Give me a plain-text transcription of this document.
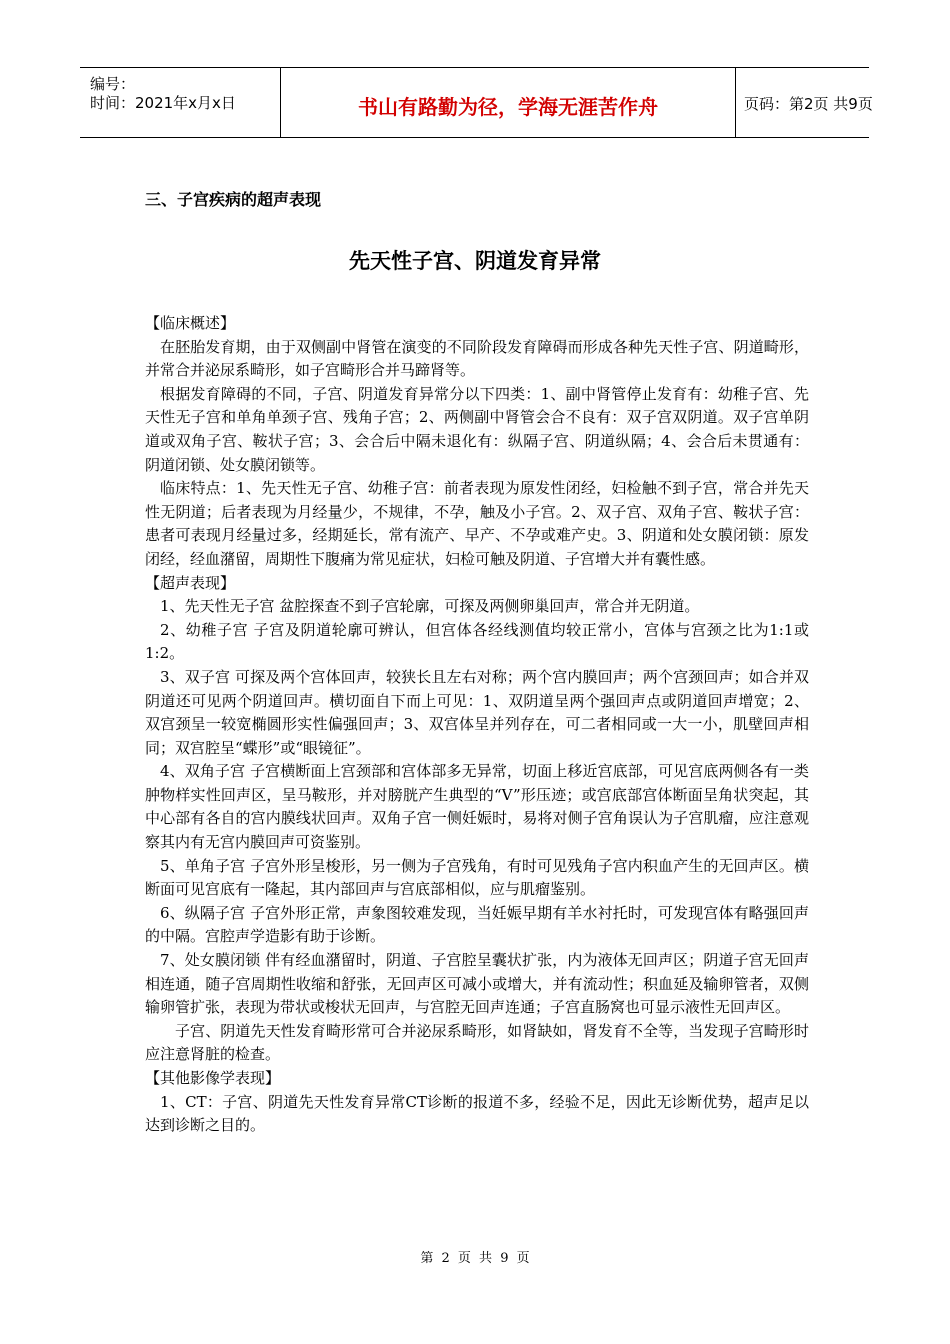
编号：
时间：2021年x月x日	书山有路勤为径，学海无涯苦作舟	页码：第2页 共9页
三、子宫疾病的超声表现
先天性子宫、阴道发育异常

【临床概述】

在胚胎发育期，由于双侧副中肾管在演变的不同阶段发育障碍而形成各种先天性子宫、阴道畸形，并常合并泌尿系畸形，如子宫畸形合并马蹄肾等。

根据发育障碍的不同，子宫、阴道发育异常分以下四类：1、副中肾管停止发育有：幼稚子宫、先天性无子宫和单角单颈子宫、残角子宫；2、两侧副中肾管会合不良有：双子宫双阴道。双子宫单阴道或双角子宫、鞍状子宫；3、会合后中隔未退化有：纵隔子宫、阴道纵隔；4、会合后未贯通有：阴道闭锁、处女膜闭锁等。

临床特点：1、先天性无子宫、幼稚子宫：前者表现为原发性闭经，妇检触不到子宫，常合并先天性无阴道；后者表现为月经量少，不规律，不孕，触及小子宫。2、双子宫、双角子宫、鞍状子宫：患者可表现月经量过多，经期延长，常有流产、早产、不孕或难产史。3、阴道和处女膜闭锁：原发闭经，经血潴留，周期性下腹痛为常见症状，妇检可触及阴道、子宫增大并有囊性感。

【超声表现】

1、先天性无子宫 盆腔探查不到子宫轮廓，可探及两侧卵巢回声，常合并无阴道。

2、幼稚子宫 子宫及阴道轮廓可辨认，但宫体各经线测值均较正常小，宫体与宫颈之比为1:1或1:2。

3、双子宫 可探及两个宫体回声，较狭长且左右对称；两个宫内膜回声；两个宫颈回声；如合并双阴道还可见两个阴道回声。横切面自下而上可见：1、双阴道呈两个强回声点或阴道回声增宽；2、双宫颈呈一较宽椭圆形实性偏强回声；3、双宫体呈并列存在，可二者相同或一大一小，肌壁回声相同；双宫腔呈“蝶形”或“眼镜征”。

4、双角子宫 子宫横断面上宫颈部和宫体部多无异常，切面上移近宫底部，可见宫底两侧各有一类肿物样实性回声区，呈马鞍形，并对膀胱产生典型的“V”形压迹；或宫底部宫体断面呈角状突起，其中心部有各自的宫内膜线状回声。双角子宫一侧妊娠时，易将对侧子宫角误认为子宫肌瘤，应注意观察其内有无宫内膜回声可资鉴别。

5、单角子宫 子宫外形呈梭形，另一侧为子宫残角，有时可见残角子宫内积血产生的无回声区。横断面可见宫底有一隆起，其内部回声与宫底部相似，应与肌瘤鉴别。

6、纵隔子宫 子宫外形正常，声象图较难发现，当妊娠早期有羊水衬托时，可发现宫体有略强回声的中隔。宫腔声学造影有助于诊断。

7、处女膜闭锁 伴有经血潴留时，阴道、子宫腔呈囊状扩张，内为液体无回声区；阴道子宫无回声相连通，随子宫周期性收缩和舒张，无回声区可减小或增大，并有流动性；积血延及输卵管者，双侧输卵管扩张，表现为带状或梭状无回声，与宫腔无回声连通；子宫直肠窝也可显示液性无回声区。

子宫、阴道先天性发育畸形常可合并泌尿系畸形，如肾缺如，肾发育不全等，当发现子宫畸形时应注意肾脏的检查。

【其他影像学表现】

1、CT：子宫、阴道先天性发育异常CT诊断的报道不多，经验不足，因此无诊断优势，超声足以达到诊断之目的。

第 2 页 共 9 页
